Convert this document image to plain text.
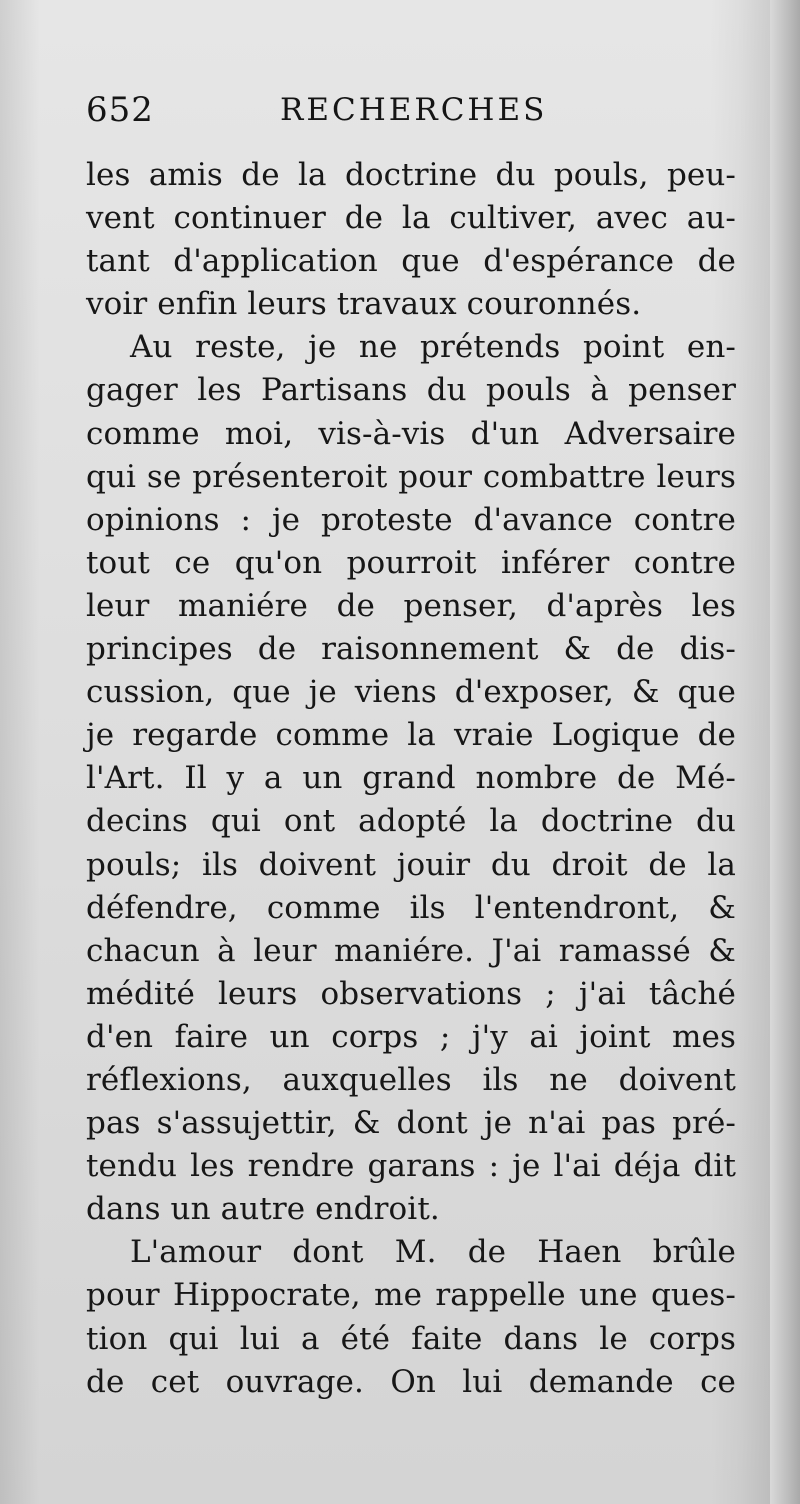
652	RECHERCHES
les amis de la doctrine du pouls, peu-
vent continuer de la cultiver, avec au-
tant d'application que d'espérance de
voir enfin leurs travaux couronnés.
Au reste, je ne prétends point en-
gager les Partisans du pouls à penser
comme moi, vis-à-vis d'un Adversaire
qui se présenteroit pour combattre leurs
opinions : je proteste d'avance contre
tout ce qu'on pourroit inférer contre
leur maniére de penser, d'après les
principes de raisonnement & de dis-
cussion, que je viens d'exposer, & que
je regarde comme la vraie Logique de
l'Art. Il y a un grand nombre de Mé-
decins qui ont adopté la doctrine du
pouls; ils doivent jouir du droit de la
défendre, comme ils l'entendront, &
chacun à leur maniére. J'ai ramassé &
médité leurs observations ; j'ai tâché
d'en faire un corps ; j'y ai joint mes
réflexions, auxquelles ils ne doivent
pas s'assujettir, & dont je n'ai pas pré-
tendu les rendre garans : je l'ai déja dit
dans un autre endroit.
L'amour dont M. de Haen brûle
pour Hippocrate, me rappelle une ques-
tion qui lui a été faite dans le corps
de cet ouvrage. On lui demande ce
